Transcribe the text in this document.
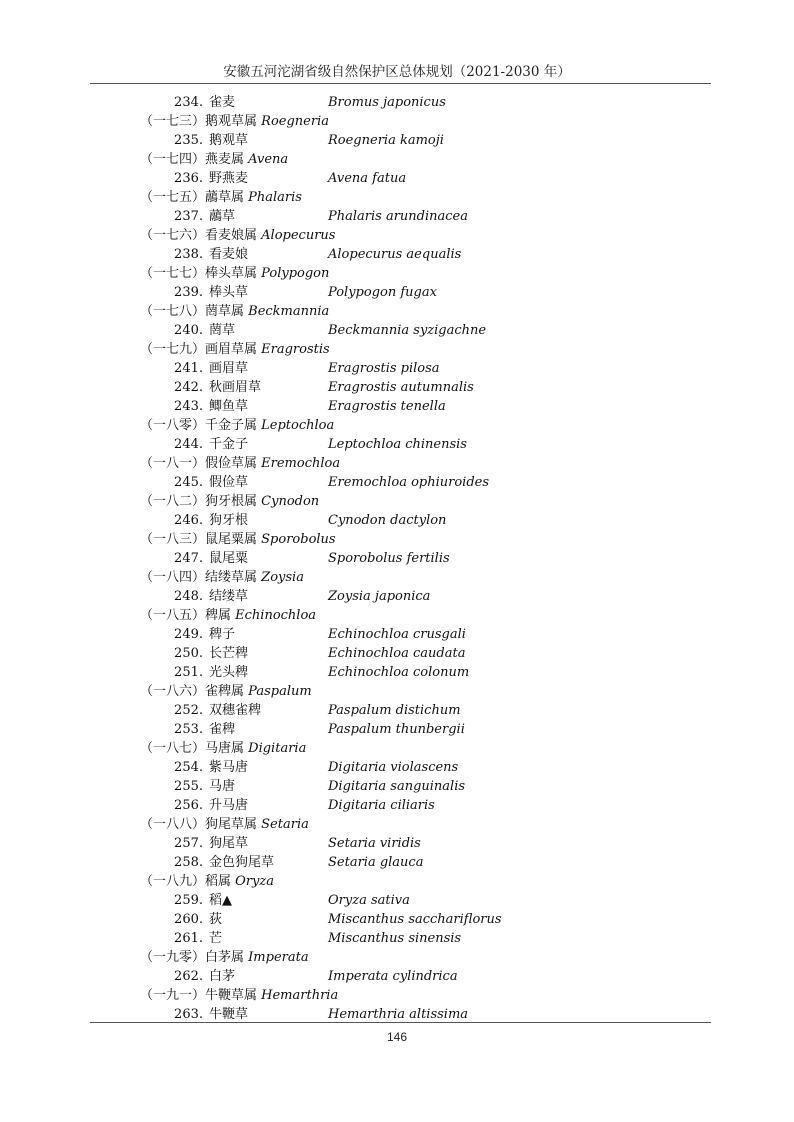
安徽五河沱湖省级自然保护区总体规划（2021-2030 年）
234. 雀麦	Bromus japonicus
（一七三）鹅观草属 Roegneria
235. 鹅观草	Roegneria kamoji
（一七四）燕麦属 Avena
236. 野燕麦	Avena fatua
（一七五）虉草属 Phalaris
237. 虉草	Phalaris arundinacea
（一七六）看麦娘属 Alopecurus
238. 看麦娘	Alopecurus aequalis
（一七七）棒头草属 Polypogon
239. 棒头草	Polypogon fugax
（一七八）菵草属 Beckmannia
240. 菵草	Beckmannia syzigachne
（一七九）画眉草属 Eragrostis
241. 画眉草	Eragrostis pilosa
242. 秋画眉草	Eragrostis autumnalis
243. 鲫鱼草	Eragrostis tenella
（一八零）千金子属 Leptochloa
244. 千金子	Leptochloa chinensis
（一八一）假俭草属 Eremochloa
245. 假俭草	Eremochloa ophiuroides
（一八二）狗牙根属 Cynodon
246. 狗牙根	Cynodon dactylon
（一八三）鼠尾粟属 Sporobolus
247. 鼠尾粟	Sporobolus fertilis
（一八四）结缕草属 Zoysia
248. 结缕草	Zoysia japonica
（一八五）稗属 Echinochloa
249. 稗子	Echinochloa crusgali
250. 长芒稗	Echinochloa caudata
251. 光头稗	Echinochloa colonum
（一八六）雀稗属 Paspalum
252. 双穗雀稗	Paspalum distichum
253. 雀稗	Paspalum thunbergii
（一八七）马唐属 Digitaria
254. 紫马唐	Digitaria violascens
255. 马唐	Digitaria sanguinalis
256. 升马唐	Digitaria ciliaris
（一八八）狗尾草属 Setaria
257. 狗尾草	Setaria viridis
258. 金色狗尾草	Setaria glauca
（一八九）稻属 Oryza
259. 稻▲	Oryza sativa
260. 荻	Miscanthus sacchariflorus
261. 芒	Miscanthus sinensis
（一九零）白茅属 Imperata
262. 白茅	Imperata cylindrica
（一九一）牛鞭草属 Hemarthria
263. 牛鞭草	Hemarthria altissima
146
